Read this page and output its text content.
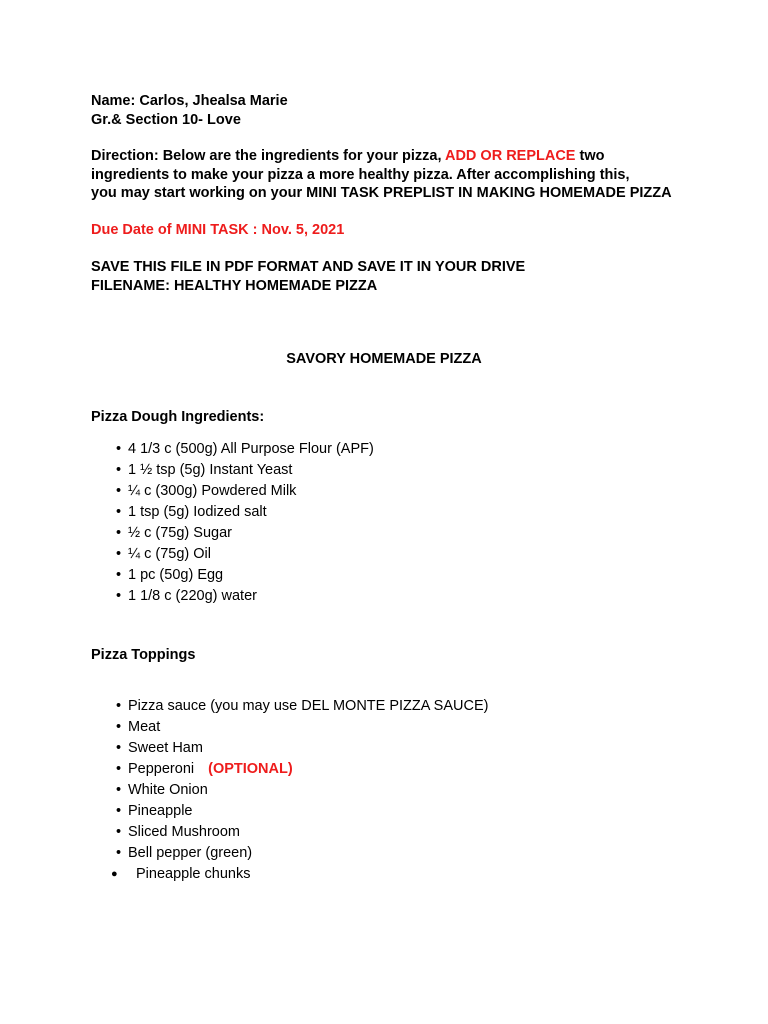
Name: Carlos, Jhealsa Marie
Gr.& Section 10- Love
Direction: Below are the ingredients for your pizza, ADD OR REPLACE two
ingredients to make your pizza a more healthy pizza. After accomplishing this,
you may start working on your MINI TASK PREPLIST IN MAKING HOMEMADE PIZZA
Due Date of MINI TASK : Nov. 5, 2021
SAVE THIS FILE IN PDF FORMAT AND SAVE IT IN YOUR DRIVE
FILENAME: HEALTHY HOMEMADE PIZZA
SAVORY HOMEMADE PIZZA
Pizza Dough Ingredients:
• 4 1/3 c (500g) All Purpose Flour (APF)
• 1 ½ tsp (5g) Instant Yeast
• ¼ c (300g) Powdered Milk
• 1 tsp (5g) Iodized salt
• ½ c (75g) Sugar
• ¼ c (75g) Oil
• 1 pc (50g) Egg
• 1 1/8 c (220g) water
Pizza Toppings
• Pizza sauce (you may use DEL MONTE PIZZA SAUCE)
• Meat
• Sweet Ham
• Pepperoni (OPTIONAL)
• White Onion
• Pineapple
• Sliced Mushroom
• Bell pepper (green)
● Pineapple chunks
